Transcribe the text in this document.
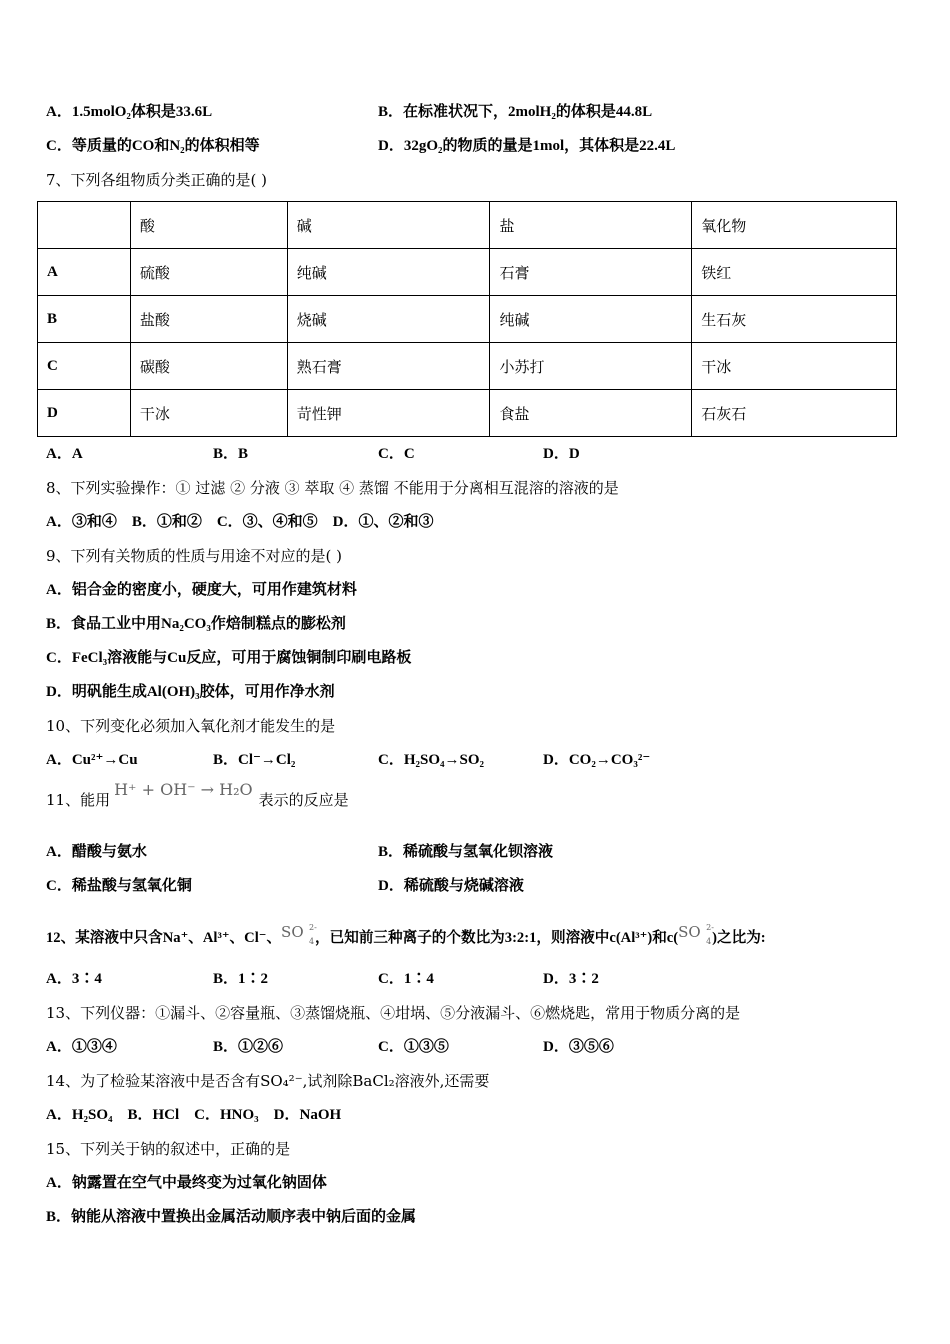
A．1.5molO₂体积是33.6L	B．在标准状况下，2molH₂的体积是44.8L
C．等质量的CO和N₂的体积相等	D．32gO₂的物质的量是1mol，其体积是22.4L
7、下列各组物质分类正确的是( )
	酸	碱	盐	氧化物
A	硫酸	纯碱	石膏	铁红
B	盐酸	烧碱	纯碱	生石灰
C	碳酸	熟石膏	小苏打	干冰
D	干冰	苛性钾	食盐	石灰石
A．A	B．B	C．C	D．D
8、下列实验操作：① 过滤 ② 分液 ③ 萃取 ④ 蒸馏 不能用于分离相互混溶的溶液的是
A．③和④　B．①和②　C．③、④和⑤　D．①、②和③
9、下列有关物质的性质与用途不对应的是( )
A．铝合金的密度小，硬度大，可用作建筑材料
B．食品工业中用Na₂CO₃作焙制糕点的膨松剂
C．FeCl₃溶液能与Cu反应，可用于腐蚀铜制印刷电路板
D．明矾能生成Al(OH)₃胶体，可用作净水剂
10、下列变化必须加入氧化剂才能发生的是
A．Cu²⁺→Cu	B．Cl⁻→Cl₂	C．H₂SO₄→SO₂	D．CO₂→CO₃²⁻
11、能用H⁺ + OH⁻ → H₂O表示的反应是
A．醋酸与氨水	B．稀硫酸与氢氧化钡溶液
C．稀盐酸与氢氧化铜	D．稀硫酸与烧碱溶液
12、某溶液中只含Na⁺、Al³⁺、Cl⁻、 SO 2-
4 ，已知前三种离子的个数比为3:2:1，则溶液中c(Al³⁺)和c( SO 2-
4 )之比为:
A．3∶4	B．1∶2	C．1∶4	D．3∶2
13、下列仪器：①漏斗、②容量瓶、③蒸馏烧瓶、④坩埚、⑤分液漏斗、⑥燃烧匙，常用于物质分离的是
A．①③④	B．①②⑥	C．①③⑤	D．③⑤⑥
14、为了检验某溶液中是否含有SO₄²⁻,试剂除BaCl₂溶液外,还需要
A．H₂SO₄　B．HCl　C．HNO₃　D．NaOH
15、下列关于钠的叙述中，正确的是
A．钠露置在空气中最终变为过氧化钠固体
B．钠能从溶液中置换出金属活动顺序表中钠后面的金属
